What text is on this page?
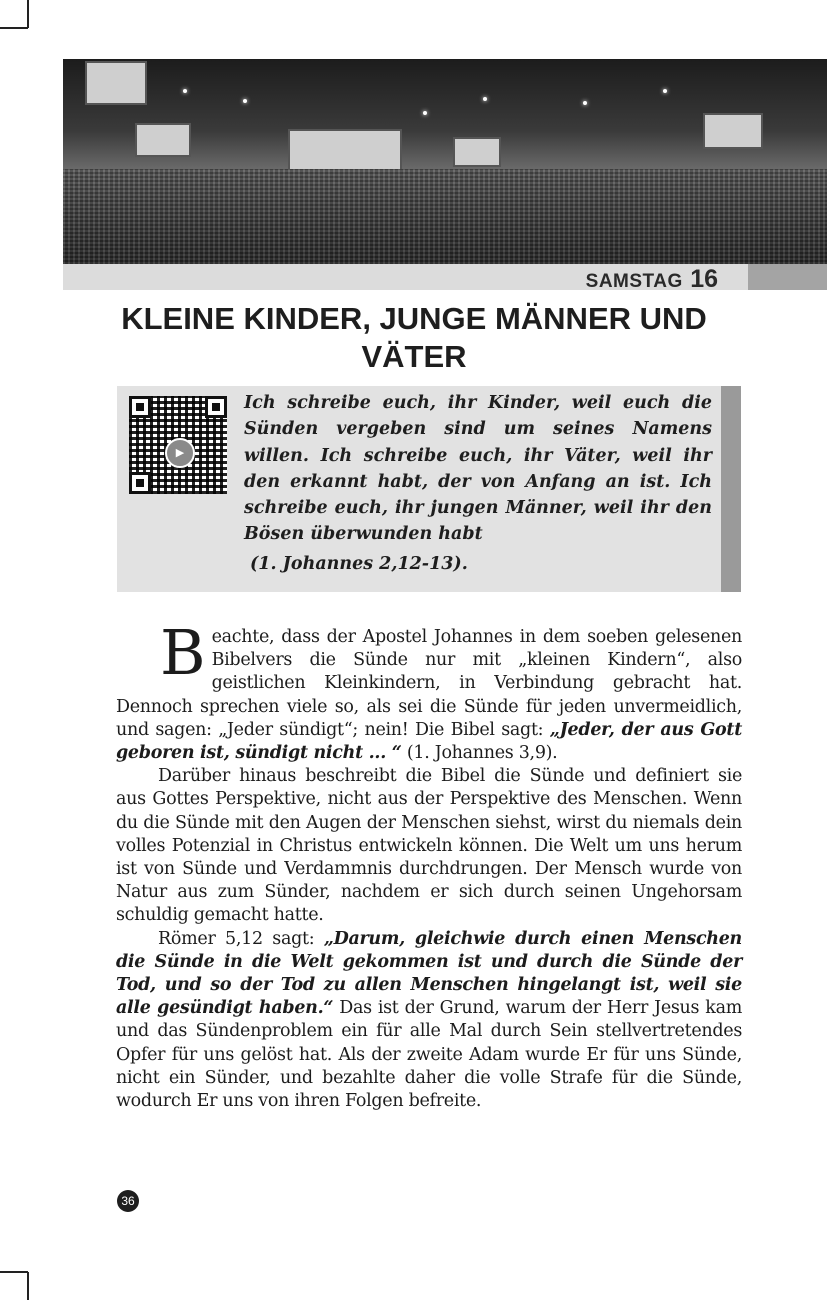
SAMSTAG 16
KLEINE KINDER, JUNGE MÄNNER UND VÄTER
▶

Ich schreibe euch, ihr Kinder, weil euch die Sünden vergeben sind um seines Namens willen. Ich schreibe euch, ihr Väter, weil ihr den erkannt habt, der von Anfang an ist. Ich schreibe euch, ihr jungen Männer, weil ihr den Bösen überwunden habt

(1. Johannes 2,12-13).

Beachte, dass der Apostel Johannes in dem soeben gelesenen Bibelvers die Sünde nur mit „kleinen Kindern“, also geistlichen Kleinkindern, in Verbindung gebracht hat. Dennoch sprechen viele so, als sei die Sünde für jeden unvermeidlich, und sagen: „Jeder sündigt“; nein! Die Bibel sagt: „Jeder, der aus Gott geboren ist, sündigt nicht ... “ (1. Johannes 3,9).

Darüber hinaus beschreibt die Bibel die Sünde und definiert sie aus Gottes Perspektive, nicht aus der Perspektive des Menschen. Wenn du die Sünde mit den Augen der Menschen siehst, wirst du niemals dein volles Potenzial in Christus entwickeln können. Die Welt um uns herum ist von Sünde und Verdammnis durchdrungen. Der Mensch wurde von Natur aus zum Sünder, nachdem er sich durch seinen Ungehorsam schuldig gemacht hatte.

Römer 5,12 sagt: „Darum, gleichwie durch einen Menschen die Sünde in die Welt gekommen ist und durch die Sünde der Tod, und so der Tod zu allen Menschen hingelangt ist, weil sie alle gesündigt haben.“ Das ist der Grund, warum der Herr Jesus kam und das Sündenproblem ein für alle Mal durch Sein stellvertretendes Opfer für uns gelöst hat. Als der zweite Adam wurde Er für uns Sünde, nicht ein Sünder, und bezahlte daher die volle Strafe für die Sünde, wodurch Er uns von ihren Folgen befreite.

36
